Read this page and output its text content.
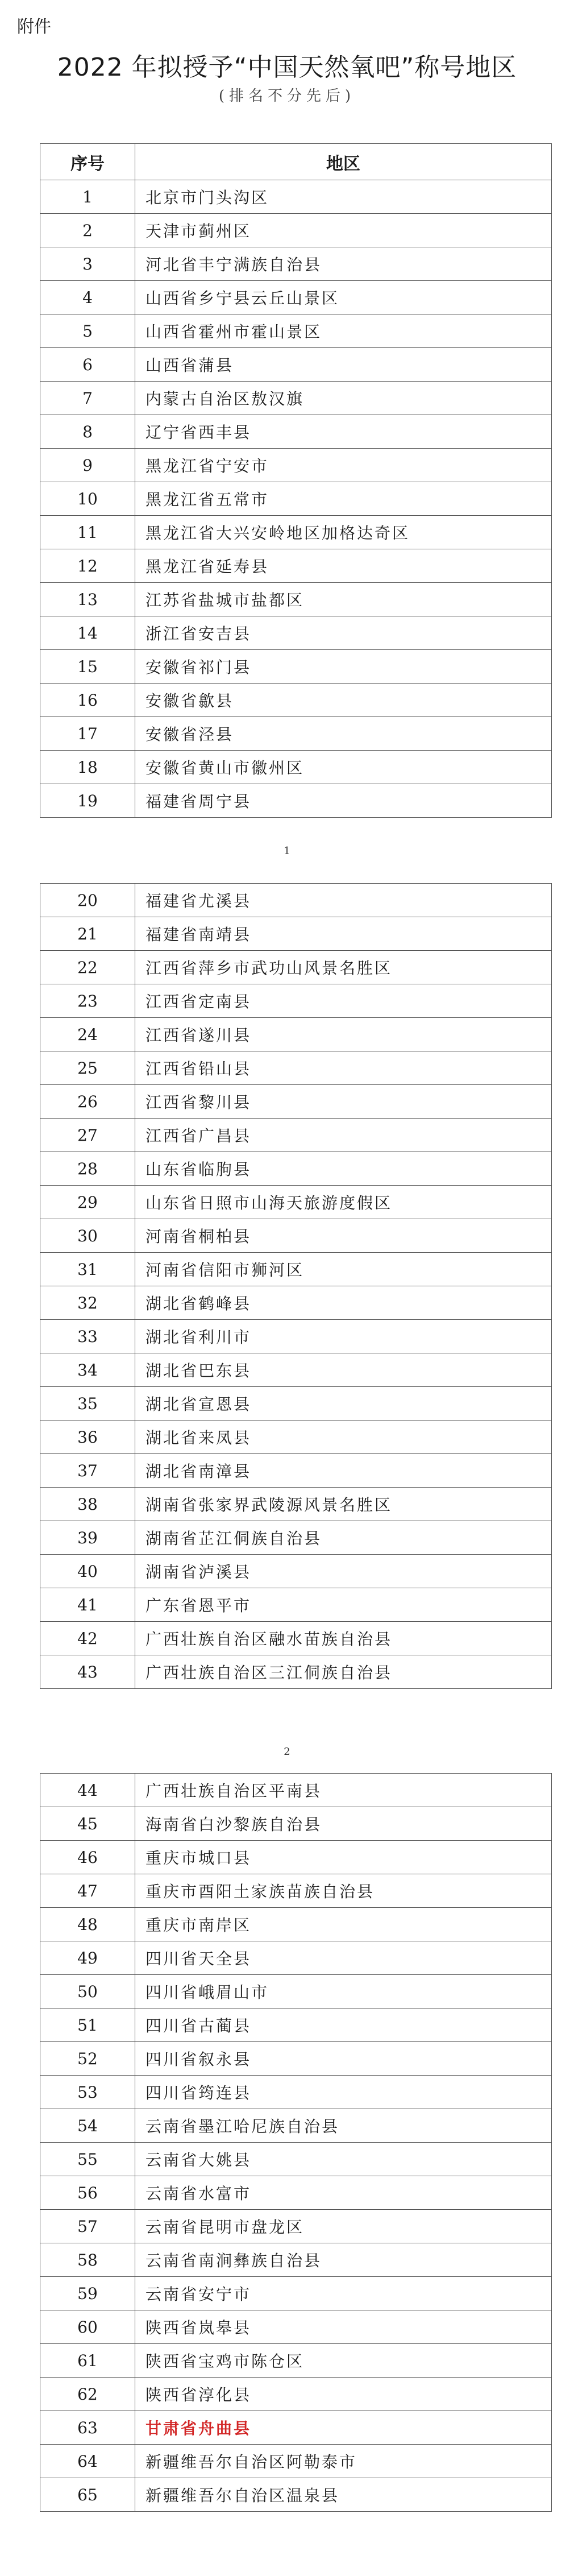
附件
2022 年拟授予“中国天然氧吧”称号地区
(排名不分先后)
序号	地区
1	北京市门头沟区
2	天津市蓟州区
3	河北省丰宁满族自治县
4	山西省乡宁县云丘山景区
5	山西省霍州市霍山景区
6	山西省蒲县
7	内蒙古自治区敖汉旗
8	辽宁省西丰县
9	黑龙江省宁安市
10	黑龙江省五常市
11	黑龙江省大兴安岭地区加格达奇区
12	黑龙江省延寿县
13	江苏省盐城市盐都区
14	浙江省安吉县
15	安徽省祁门县
16	安徽省歙县
17	安徽省泾县
18	安徽省黄山市徽州区
19	福建省周宁县
1
20	福建省尤溪县
21	福建省南靖县
22	江西省萍乡市武功山风景名胜区
23	江西省定南县
24	江西省遂川县
25	江西省铅山县
26	江西省黎川县
27	江西省广昌县
28	山东省临朐县
29	山东省日照市山海天旅游度假区
30	河南省桐柏县
31	河南省信阳市狮河区
32	湖北省鹤峰县
33	湖北省利川市
34	湖北省巴东县
35	湖北省宣恩县
36	湖北省来凤县
37	湖北省南漳县
38	湖南省张家界武陵源风景名胜区
39	湖南省芷江侗族自治县
40	湖南省泸溪县
41	广东省恩平市
42	广西壮族自治区融水苗族自治县
43	广西壮族自治区三江侗族自治县
2
44	广西壮族自治区平南县
45	海南省白沙黎族自治县
46	重庆市城口县
47	重庆市酉阳土家族苗族自治县
48	重庆市南岸区
49	四川省天全县
50	四川省峨眉山市
51	四川省古蔺县
52	四川省叙永县
53	四川省筠连县
54	云南省墨江哈尼族自治县
55	云南省大姚县
56	云南省水富市
57	云南省昆明市盘龙区
58	云南省南涧彝族自治县
59	云南省安宁市
60	陕西省岚皋县
61	陕西省宝鸡市陈仓区
62	陕西省淳化县
63	甘肃省舟曲县
64	新疆维吾尔自治区阿勒泰市
65	新疆维吾尔自治区温泉县
